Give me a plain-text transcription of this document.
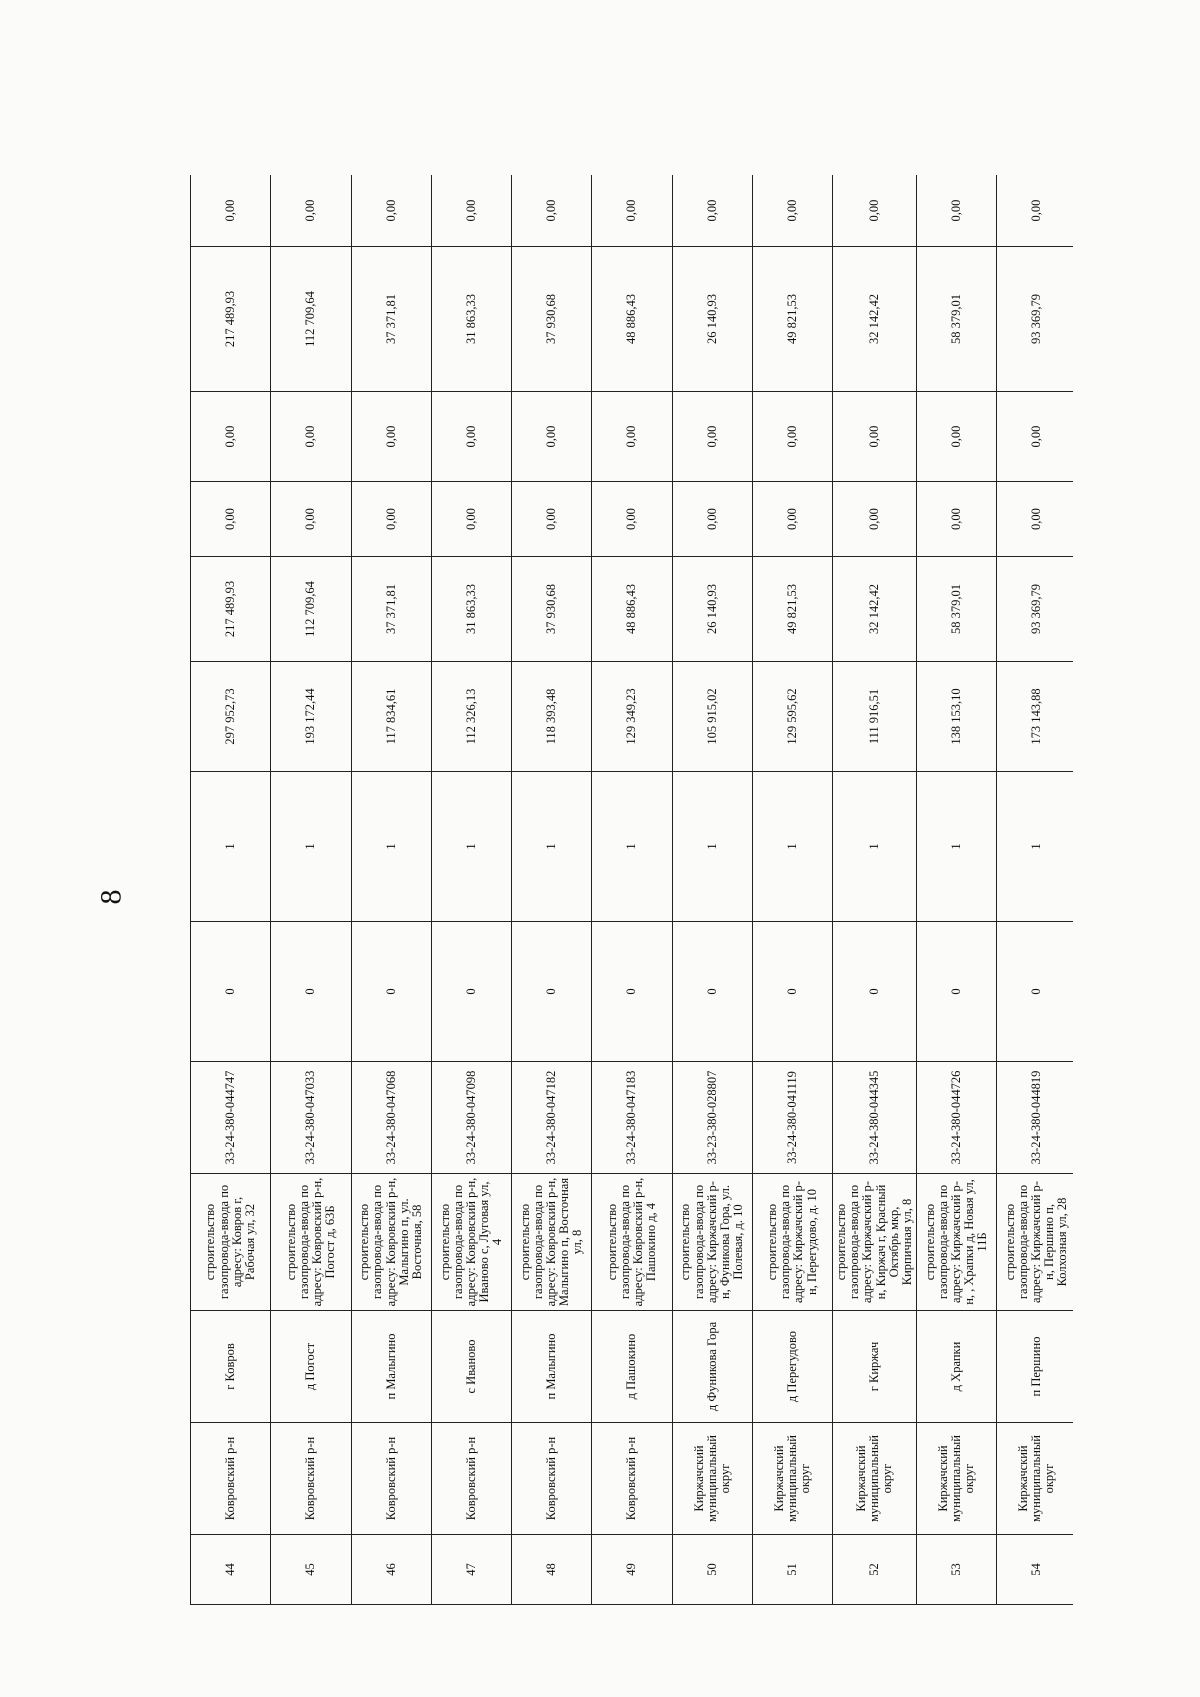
8
44	Ковровский р-н	г Ковров	строительство газопровода-ввода по адресу: Ковров г, Рабочая ул, 32	33-24-380-044747	0	1	297 952,73	217 489,93	0,00	0,00	217 489,93	0,00
45	Ковровский р-н	д Погост	строительство газопровода-ввода по адресу: Ковровский р-н, Погост д, 63Б	33-24-380-047033	0	1	193 172,44	112 709,64	0,00	0,00	112 709,64	0,00
46	Ковровский р-н	п Малыгино	строительство газопровода-ввода по адресу: Ковровский р-н, Малыгино п, ул. Восточная, 58	33-24-380-047068	0	1	117 834,61	37 371,81	0,00	0,00	37 371,81	0,00
47	Ковровский р-н	с Иваново	строительство газопровода-ввода по адресу: Ковровский р-н, Иваново с, Луговая ул, 4	33-24-380-047098	0	1	112 326,13	31 863,33	0,00	0,00	31 863,33	0,00
48	Ковровский р-н	п Малыгино	строительство газопровода-ввода по адресу: Ковровский р-н, Малыгино п, Восточная ул, 8	33-24-380-047182	0	1	118 393,48	37 930,68	0,00	0,00	37 930,68	0,00
49	Ковровский р-н	д Пашокино	строительство газопровода-ввода по адресу: Ковровский р-н, Пашокино д, 4	33-24-380-047183	0	1	129 349,23	48 886,43	0,00	0,00	48 886,43	0,00
50	Киржачский муниципальный округ	д Фуникова Гора	строительство газопровода-ввода по адресу: Киржачский р-н, Фуникова Гора, ул. Полевая, д. 10	33-23-380-028807	0	1	105 915,02	26 140,93	0,00	0,00	26 140,93	0,00
51	Киржачский муниципальный округ	д Перегудово	строительство газопровода-ввода по адресу: Киржачский р-н, Перегудово, д. 10	33-24-380-041119	0	1	129 595,62	49 821,53	0,00	0,00	49 821,53	0,00
52	Киржачский муниципальный округ	г Киржач	строительство газопровода-ввода по адресу: Киржачский р-н, Киржач г, Красный Октябрь мкр, Кирпичная ул, 8	33-24-380-044345	0	1	111 916,51	32 142,42	0,00	0,00	32 142,42	0,00
53	Киржачский муниципальный округ	д Храпки	строительство газопровода-ввода по адресу: Киржачский р-н, , Храпки д, Новая ул, 11Б	33-24-380-044726	0	1	138 153,10	58 379,01	0,00	0,00	58 379,01	0,00
54	Киржачский муниципальный округ	п Першино	строительство газопровода-ввода по адресу: Киржачский р-н, Першино п, Колхозная ул, 28	33-24-380-044819	0	1	173 143,88	93 369,79	0,00	0,00	93 369,79	0,00
